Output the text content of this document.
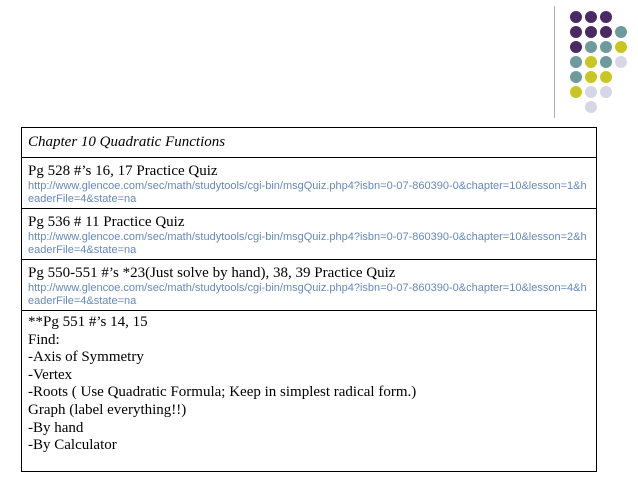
Chapter 10 Quadratic Functions
Pg 528 #’s 16, 17 Practice Quiz
http://www.glencoe.com/sec/math/studytools/cgi-bin/msgQuiz.php4?isbn=0-07-860390-0&chapter=10&lesson=1&headerFile=4&state=na
Pg 536 # 11 Practice Quiz
http://www.glencoe.com/sec/math/studytools/cgi-bin/msgQuiz.php4?isbn=0-07-860390-0&chapter=10&lesson=2&headerFile=4&state=na
Pg 550-551 #’s *23(Just solve by hand), 38, 39 Practice Quiz
http://www.glencoe.com/sec/math/studytools/cgi-bin/msgQuiz.php4?isbn=0-07-860390-0&chapter=10&lesson=4&headerFile=4&state=na
**Pg 551 #’s 14, 15
Find:
-Axis of Symmetry
-Vertex
-Roots ( Use Quadratic Formula; Keep in simplest radical form.)
Graph (label everything!!)
-By hand
-By Calculator
